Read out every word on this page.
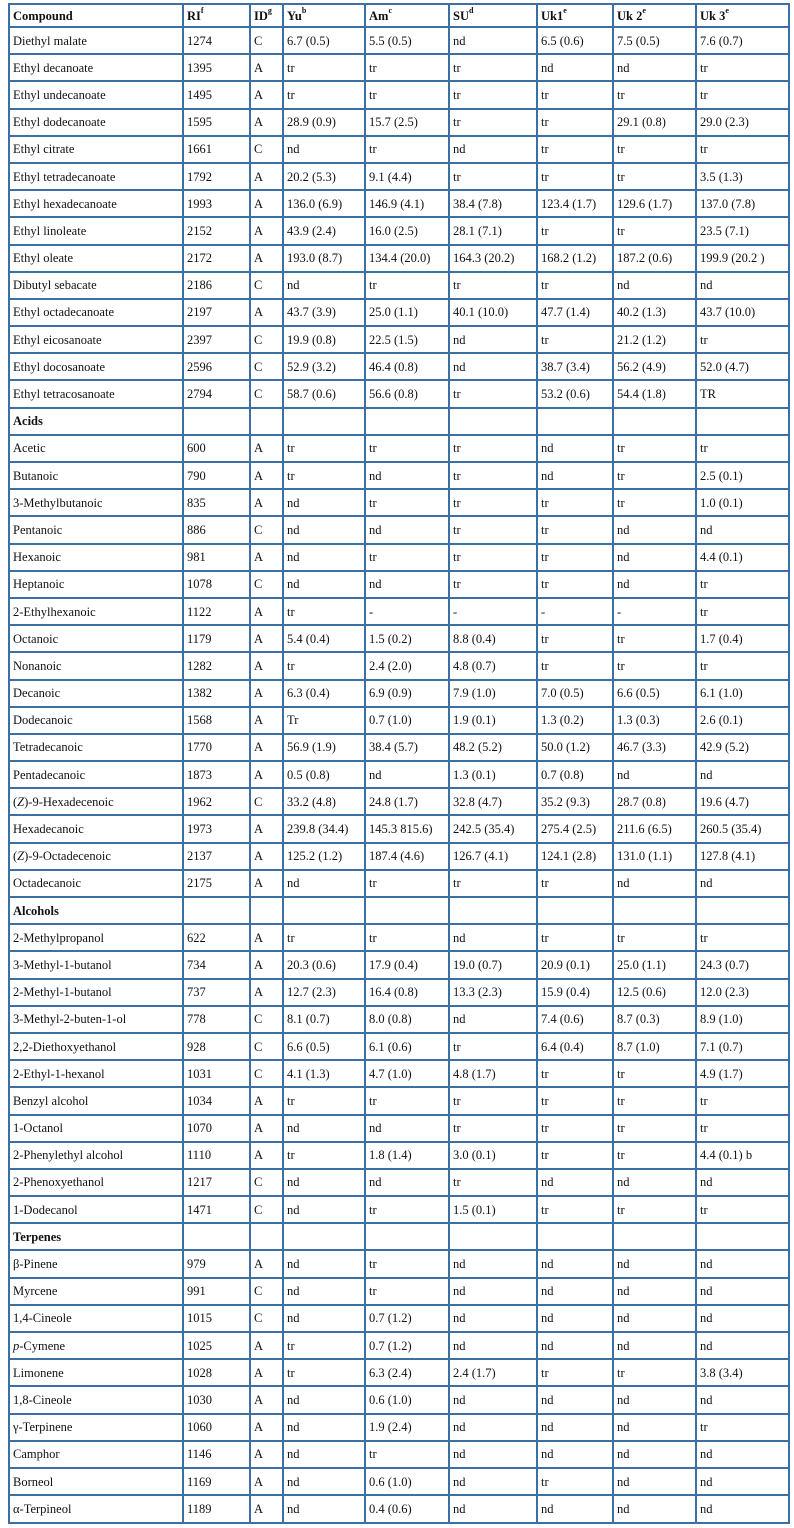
Compound	$RI^f$	$ID^g$	Yu$^b$	Am$^c$	$SU^d$	Uk1e	Uk 2e	Uk 3e
Diethyl malate	1274	C	6.7 (0.5)	5.5 (0.5)	nd	6.5 (0.6)	7.5 (0.5)	7.6 (0.7)
Ethyl decanoate	1395	A	tr	tr	tr	nd	nd	tr
Ethyl undecanoate	1495	A	tr	tr	tr	tr	tr	tr
Ethyl dodecanoate	1595	A	28.9 (0.9)	15.7 (2.5)	tr	tr	29.1 (0.8)	29.0 (2.3)
Ethyl citrate	1661	C	nd	tr	nd	tr	tr	tr
Ethyl tetradecanoate	1792	A	20.2 (5.3)	9.1 (4.4)	tr	tr	tr	3.5 (1.3)
Ethyl hexadecanoate	1993	A	136.0 (6.9)	146.9 (4.1)	38.4 (7.8)	123.4 (1.7)	129.6 (1.7)	137.0 (7.8)
Ethyl linoleate	2152	A	43.9 (2.4)	16.0 (2.5)	28.1 (7.1)	tr	tr	23.5 (7.1)
Ethyl oleate	2172	A	193.0 (8.7)	134.4 (20.0)	164.3 (20.2)	168.2 (1.2)	187.2 (0.6)	199.9 (20.2 )
Dibutyl sebacate	2186	C	nd	tr	tr	tr	nd	nd
Ethyl octadecanoate	2197	A	43.7 (3.9)	25.0 (1.1)	40.1 (10.0)	47.7 (1.4)	40.2 (1.3)	43.7 (10.0)
Ethyl eicosanoate	2397	C	19.9 (0.8)	22.5 (1.5)	nd	tr	21.2 (1.2)	tr
Ethyl docosanoate	2596	C	52.9 (3.2)	46.4 (0.8)	nd	38.7 (3.4)	56.2 (4.9)	52.0 (4.7)
Ethyl tetracosanoate	2794	C	58.7 (0.6)	56.6 (0.8)	tr	53.2 (0.6)	54.4 (1.8)	TR
Acids								
Acetic	600	A	tr	tr	tr	nd	tr	tr
Butanoic	790	A	tr	nd	tr	nd	tr	2.5 (0.1)
3-Methylbutanoic	835	A	nd	tr	tr	tr	tr	1.0 (0.1)
Pentanoic	886	C	nd	nd	tr	tr	nd	nd
Hexanoic	981	A	nd	tr	tr	tr	nd	4.4 (0.1)
Heptanoic	1078	C	nd	nd	tr	tr	nd	tr
2-Ethylhexanoic	1122	A	tr	-	-	-	-	tr
Octanoic	1179	A	5.4 (0.4)	1.5 (0.2)	8.8 (0.4)	tr	tr	1.7 (0.4)
Nonanoic	1282	A	tr	2.4 (2.0)	4.8 (0.7)	tr	tr	tr
Decanoic	1382	A	6.3 (0.4)	6.9 (0.9)	7.9 (1.0)	7.0 (0.5)	6.6 (0.5)	6.1 (1.0)
Dodecanoic	1568	A	Tr	0.7 (1.0)	1.9 (0.1)	1.3 (0.2)	1.3 (0.3)	2.6 (0.1)
Tetradecanoic	1770	A	56.9 (1.9)	38.4 (5.7)	48.2 (5.2)	50.0 (1.2)	46.7 (3.3)	42.9 (5.2)
Pentadecanoic	1873	A	0.5 (0.8)	nd	1.3 (0.1)	0.7 (0.8)	nd	nd
(Z)-9-Hexadecenoic	1962	C	33.2 (4.8)	24.8 (1.7)	32.8 (4.7)	35.2 (9.3)	28.7 (0.8)	19.6 (4.7)
Hexadecanoic	1973	A	239.8 (34.4)	145.3 815.6)	242.5 (35.4)	275.4 (2.5)	211.6 (6.5)	260.5 (35.4)
(Z)-9-Octadecenoic	2137	A	125.2 (1.2)	187.4 (4.6)	126.7 (4.1)	124.1 (2.8)	131.0 (1.1)	127.8 (4.1)
Octadecanoic	2175	A	nd	tr	tr	tr	nd	nd
Alcohols								
2-Methylpropanol	622	A	tr	tr	nd	tr	tr	tr
3-Methyl-1-butanol	734	A	20.3 (0.6)	17.9 (0.4)	19.0 (0.7)	20.9 (0.1)	25.0 (1.1)	24.3 (0.7)
2-Methyl-1-butanol	737	A	12.7 (2.3)	16.4 (0.8)	13.3 (2.3)	15.9 (0.4)	12.5 (0.6)	12.0 (2.3)
3-Methyl-2-buten-1-ol	778	C	8.1 (0.7)	8.0 (0.8)	nd	7.4 (0.6)	8.7 (0.3)	8.9 (1.0)
2,2-Diethoxyethanol	928	C	6.6 (0.5)	6.1 (0.6)	tr	6.4 (0.4)	8.7 (1.0)	7.1 (0.7)
2-Ethyl-1-hexanol	1031	C	4.1 (1.3)	4.7 (1.0)	4.8 (1.7)	tr	tr	4.9 (1.7)
Benzyl alcohol	1034	A	tr	tr	tr	tr	tr	tr
1-Octanol	1070	A	nd	nd	tr	tr	tr	tr
2-Phenylethyl alcohol	1110	A	tr	1.8 (1.4)	3.0 (0.1)	tr	tr	4.4 (0.1) b
2-Phenoxyethanol	1217	C	nd	nd	tr	nd	nd	nd
1-Dodecanol	1471	C	nd	tr	1.5 (0.1)	tr	tr	tr
Terpenes								
β-Pinene	979	A	nd	tr	nd	nd	nd	nd
Myrcene	991	C	nd	tr	nd	nd	nd	nd
1,4-Cineole	1015	C	nd	0.7 (1.2)	nd	nd	nd	nd
p-Cymene	1025	A	tr	0.7 (1.2)	nd	nd	nd	nd
Limonene	1028	A	tr	6.3 (2.4)	2.4 (1.7)	tr	tr	3.8 (3.4)
1,8-Cineole	1030	A	nd	0.6 (1.0)	nd	nd	nd	nd
γ-Terpinene	1060	A	nd	1.9 (2.4)	nd	nd	nd	tr
Camphor	1146	A	nd	tr	nd	nd	nd	nd
Borneol	1169	A	nd	0.6 (1.0)	nd	tr	nd	nd
α-Terpineol	1189	A	nd	0.4 (0.6)	nd	nd	nd	nd
